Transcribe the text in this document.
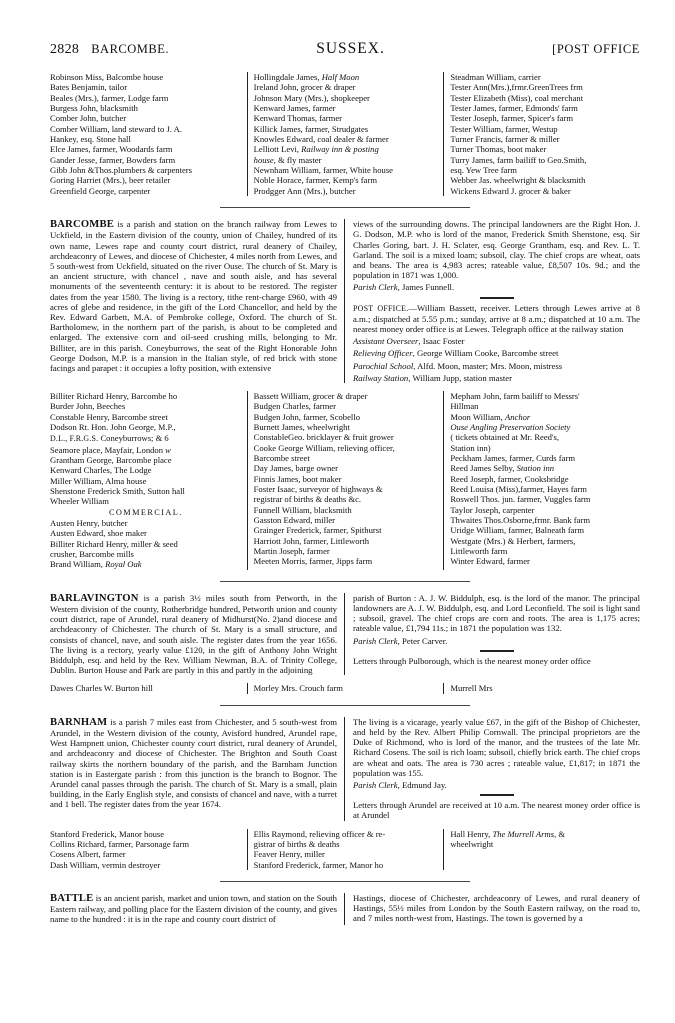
2828 BARCOMBE.	SUSSEX.	[POST OFFICE
Robinson Miss, Balcombe house
Bates Benjamin, tailor
Beales (Mrs.), farmer, Lodge farm
Burgess John, blacksmith
Comber John, butcher
Comber William, land steward to J. A.
Hankey, esq. Stone hall
Elce James, farmer, Woodards farm
Gander Jesse, farmer, Bowders farm
Gibb John &Thos.plumbers & carpenters
Goring Harriet (Mrs.), beer retailer
Greenfield George, carpenter
Hollingdale James, Half Moon
Ireland John, grocer & draper
Johnson Mary (Mrs.), shopkeeper
Kenward James, farmer
Kenward Thomas, farmer
Killick James, farmer, Strudgates
Knowles Edward, coal dealer & farmer
Lelliott Levi, Railway inn & posting
house, & fly master
Newnham William, farmer, White house
Noble Horace, farmer, Kemp's farm
Prodgger Ann (Mrs.), butcher
Steadman William, carrier
Tester Ann(Mrs.),frmr.GreenTrees frm
Tester Elizabeth (Miss), coal merchant
Tester James, farmer, Edmonds' farm
Tester Joseph, farmer, Spicer's farm
Tester William, farmer, Westup
Turner Francis, farmer & miller
Turner Thomas, boot maker
Turry James, farm bailiff to Geo.Smith,
esq. Yew Tree farm
Webber Jas. wheelwright & blacksmith
Wickens Edward J. grocer & baker

BARCOMBE is a parish and station on the branch railway from Lewes to Uckfield, in the Eastern division of the county, union of Chailey, hundred of its own name, Lewes rape and county court district, rural deanery of Chailey, archdeaconry of Lewes, and diocese of Chichester, 4 miles north from Lewes, and 5 south-west from Uckfield, situated on the river Ouse. The church of St. Mary is an ancient structure, with chancel , nave and south aisle, and has several monuments of the seventeenth century: it is about to be restored. The register dates from the year 1580. The living is a rectory, tithe rent-charge £960, with 49 acres of glebe and residence, in the gift of the Lord Chancellor, and held by the Rev. Edward Garbett, M.A. of Pembroke college, Oxford. The church of St. Bartholomew, in the northern part of the parish, is about to be completed and enlarged. The extensive corn and oil-seed crushing mills, belonging to Mr. Billiter, are in this parish. Coneyburrows, the seat of the Right Honorable John George Dodson, M.P. is a mansion in the Italian style, of red brick with stone facings and parapet : it occupies a lofty position, with extensive

views of the surrounding downs. The principal landowners are the Right Hon. J. G. Dodson, M.P. who is lord of the manor, Frederick Smith Shenstone, esq. Sir Charles Goring, bart. J. H. Sclater, esq. George Grantham, esq. and Rev. L. T. Garland. The soil is a mixed loam; subsoil, clay. The chief crops are wheat, oats and beans. The area is 4,983 acres; rateable value, £8,507 10s. 9d.; and the population in 1871 was 1,000.

Parish Clerk, James Funnell.

POST OFFICE.—William Bassett, receiver. Letters through Lewes arrive at 8 a.m.; dispatched at 5.55 p.m.; sunday, arrive at 8 a.m.; dispatched at 10 a.m. The nearest money order office is at Lewes. Telegraph office at the railway station

Assistant Overseer, Isaac Foster

Relieving Officer, George William Cooke, Barcombe street

Parochial School, Alfd. Moon, master; Mrs. Moon, mistress

Railway Station, William Jupp, station master

Billiter Richard Henry, Barcombe ho
Burder John, Beeches
Constable Henry, Barcombe street
Dodson Rt. Hon. John George, M.P.,
D.L., F.R.G.S. Coneyburrows; & 6
Seamore place, Mayfair, London w
Grantham George, Barcombe place
Kenward Charles, The Lodge
Miller William, Alma house
Shenstone Frederick Smith, Sutton hall
Wheeler William
COMMERCIAL.
Austen Henry, butcher
Austen Edward, shoe maker
Billiter Richard Henry, miller & seed
crusher, Barcombe mills
Brand William, Royal Oak
Bassett William, grocer & draper
Budgen Charles, farmer
Budgen John, farmer, Scobello
Burnett James, wheelwright
ConstableGeo. bricklayer & fruit grower
Cooke George William, relieving officer,
Barcombe street
Day James, barge owner
Finnis James, boot maker
Foster Isaac, surveyor of highways &
registrar of births & deaths &c.
Funnell William, blacksmith
Gasston Edward, miller
Grainger Frederick, farmer, Spithurst
Harriott John, farmer, Littleworth
Martin Joseph, farmer
Meeten Morris, farmer, Jipps farm
Mepham John, farm bailiff to Messrs'
Hillman
Moon William, Anchor
Ouse Angling Preservation Society
( tickets obtained at Mr. Reed's,
Station inn)
Peckham James, farmer, Curds farm
Reed James Selby, Station inn
Reed Joseph, farmer, Cooksbridge
Reed Louisa (Miss),farmer, Hayes farm
Roswell Thos. jun. farmer, Vuggles farm
Taylor Joseph, carpenter
Thwaites Thos.Osborne,frmr. Bank farm
Uridge William, farmer, Balneath farm
Westgate (Mrs.) & Herbert, farmers,
Littleworth farm
Winter Edward, farmer

BARLAVINGTON is a parish 3½ miles south from Petworth, in the Western division of the county, Rotherbridge hundred, Petworth union and county court district, rape of Arundel, rural deanery of Midhurst(No. 2)and diocese and archdeaconry of Chichester. The church of St. Mary is a small structure, and consists of chancel, nave, and south aisle. The register dates from the year 1656. The living is a rectory, yearly value £120, in the gift of Anthony John Wright Biddulph, esq. and held by the Rev. William Newman, B.A. of Trinity College, Dublin. Burton House and Park are partly in this and partly in the adjoining

parish of Burton : A. J. W. Biddulph, esq. is the lord of the manor. The principal landowners are A. J. W. Biddulph, esq. and Lord Leconfield. The soil is light sand ; subsoil, gravel. The chief crops are corn and roots. The area is 1,175 acres; rateable value, £1,794 11s.; in 1871 the population was 132.

Parish Clerk, Peter Carver.

Letters through Pulborough, which is the nearest money order office

Dawes Charles W. Burton hill	Morley Mrs. Crouch farm	Murrell Mrs

BARNHAM is a parish 7 miles east from Chichester, and 5 south-west from Arundel, in the Western division of the county, Avisford hundred, Arundel rape, West Hampnett union, Chichester county court district, rural deanery of Arundel, and archdeaconry and diocese of Chichester. The Brighton and South Coast railway skirts the northern boundary of the parish, and the Barnham Junction station is in Eastergate parish : from this junction is the branch to Bognor. The Arundel canal passes through the parish. The church of St. Mary is a small, plain building, in the Early English style, and consists of chancel and nave, with a turret and 1 bell. The register dates from the year 1674.

The living is a vicarage, yearly value £67, in the gift of the Bishop of Chichester, and held by the Rev. Albert Philip Cornwall. The principal proprietors are the Duke of Richmond, who is lord of the manor, and the trustees of the late Mr. Richard Cosens. The soil is rich loam; subsoil, chiefly brick earth. The chief crops are wheat and oats. The area is 730 acres ; rateable value, £1,817; in 1871 the population was 155.

Parish Clerk, Edmund Jay.

Letters through Arundel are received at 10 a.m. The nearest money order office is at Arundel

Stanford Frederick, Manor house
Collins Richard, farmer, Parsonage farm
Cosens Albert, farmer
Dash William, vermin destroyer
Ellis Raymond, relieving officer & re-
gistrar of births & deaths
Feaver Henry, miller
Stanford Frederick, farmer, Manor ho
Hall Henry, The Murrell Arms, &
wheelwright

BATTLE is an ancient parish, market and union town, and station on the South Eastern railway, and polling place for the Eastern division of the county, and gives name to the hundred : it is in the rape and county court district of

Hastings, diocese of Chichester, archdeaconry of Lewes, and rural deanery of Hastings, 55½ miles from London by the South Eastern railway, on the road to, and 7 miles north-west from, Hastings. The town is governed by a
